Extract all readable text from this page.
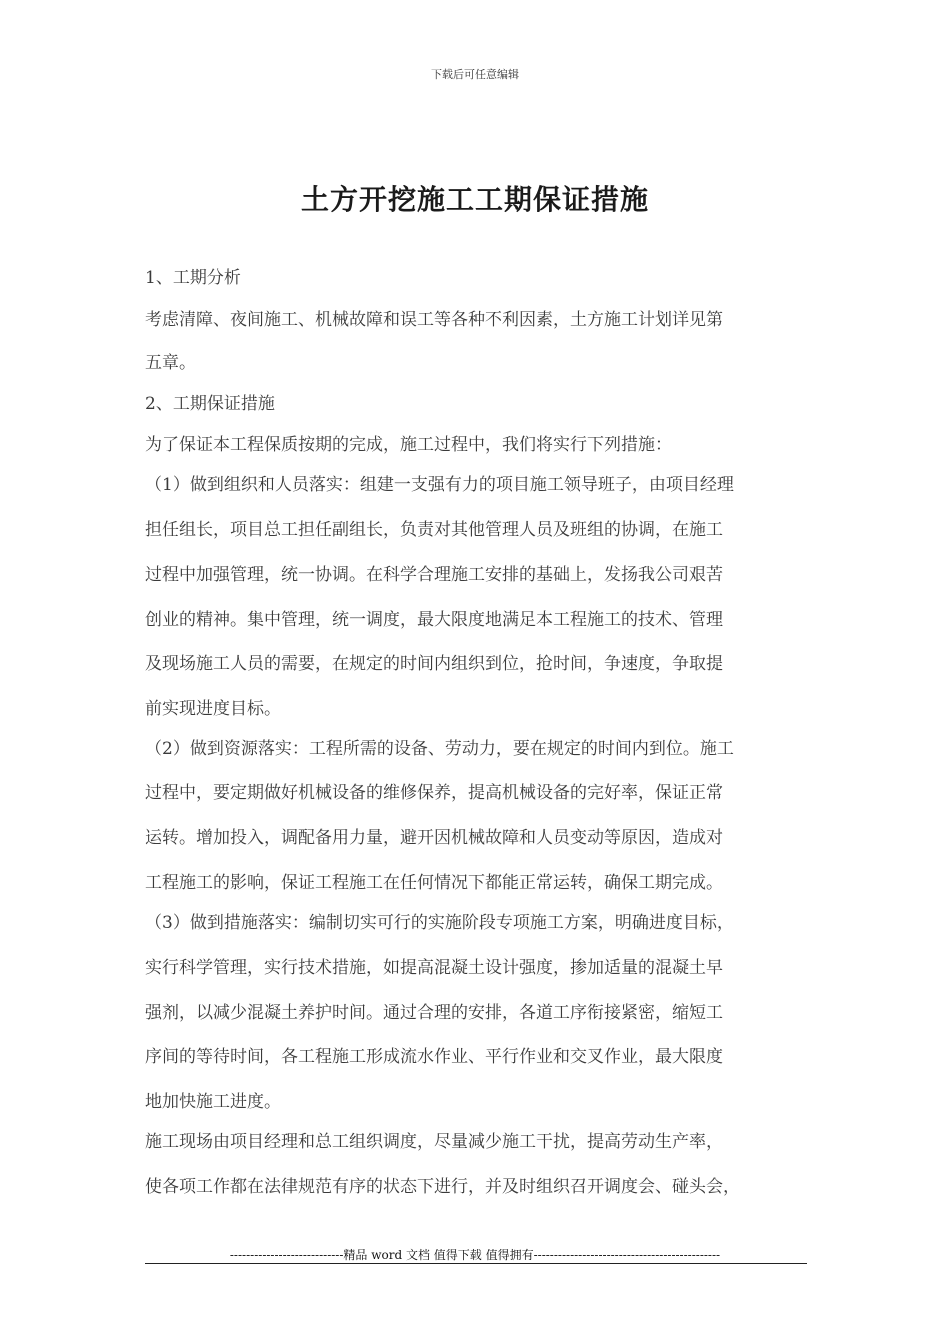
下载后可任意编辑
土方开挖施工工期保证措施
1、工期分析
考虑清障、夜间施工、机械故障和误工等各种不利因素，土方施工计划详见第
五章。
2、工期保证措施
为了保证本工程保质按期的完成，施工过程中，我们将实行下列措施：
（1）做到组织和人员落实：组建一支强有力的项目施工领导班子，由项目经理
担任组长，项目总工担任副组长，负责对其他管理人员及班组的协调，在施工
过程中加强管理，统一协调。在科学合理施工安排的基础上，发扬我公司艰苦
创业的精神。集中管理，统一调度，最大限度地满足本工程施工的技术、管理
及现场施工人员的需要，在规定的时间内组织到位，抢时间，争速度，争取提
前实现进度目标。
（2）做到资源落实：工程所需的设备、劳动力，要在规定的时间内到位。施工
过程中，要定期做好机械设备的维修保养，提高机械设备的完好率，保证正常
运转。增加投入，调配备用力量，避开因机械故障和人员变动等原因，造成对
工程施工的影响，保证工程施工在任何情况下都能正常运转，确保工期完成。
（3）做到措施落实：编制切实可行的实施阶段专项施工方案，明确进度目标，
实行科学管理，实行技术措施，如提高混凝土设计强度，掺加适量的混凝土早
强剂，以减少混凝土养护时间。通过合理的安排，各道工序衔接紧密，缩短工
序间的等待时间，各工程施工形成流水作业、平行作业和交叉作业，最大限度
地加快施工进度。
施工现场由项目经理和总工组织调度，尽量减少施工干扰，提高劳动生产率，
使各项工作都在法律规范有序的状态下进行，并及时组织召开调度会、碰头会，
----------------------------精品 word 文档 值得下载 值得拥有----------------------------------------------
